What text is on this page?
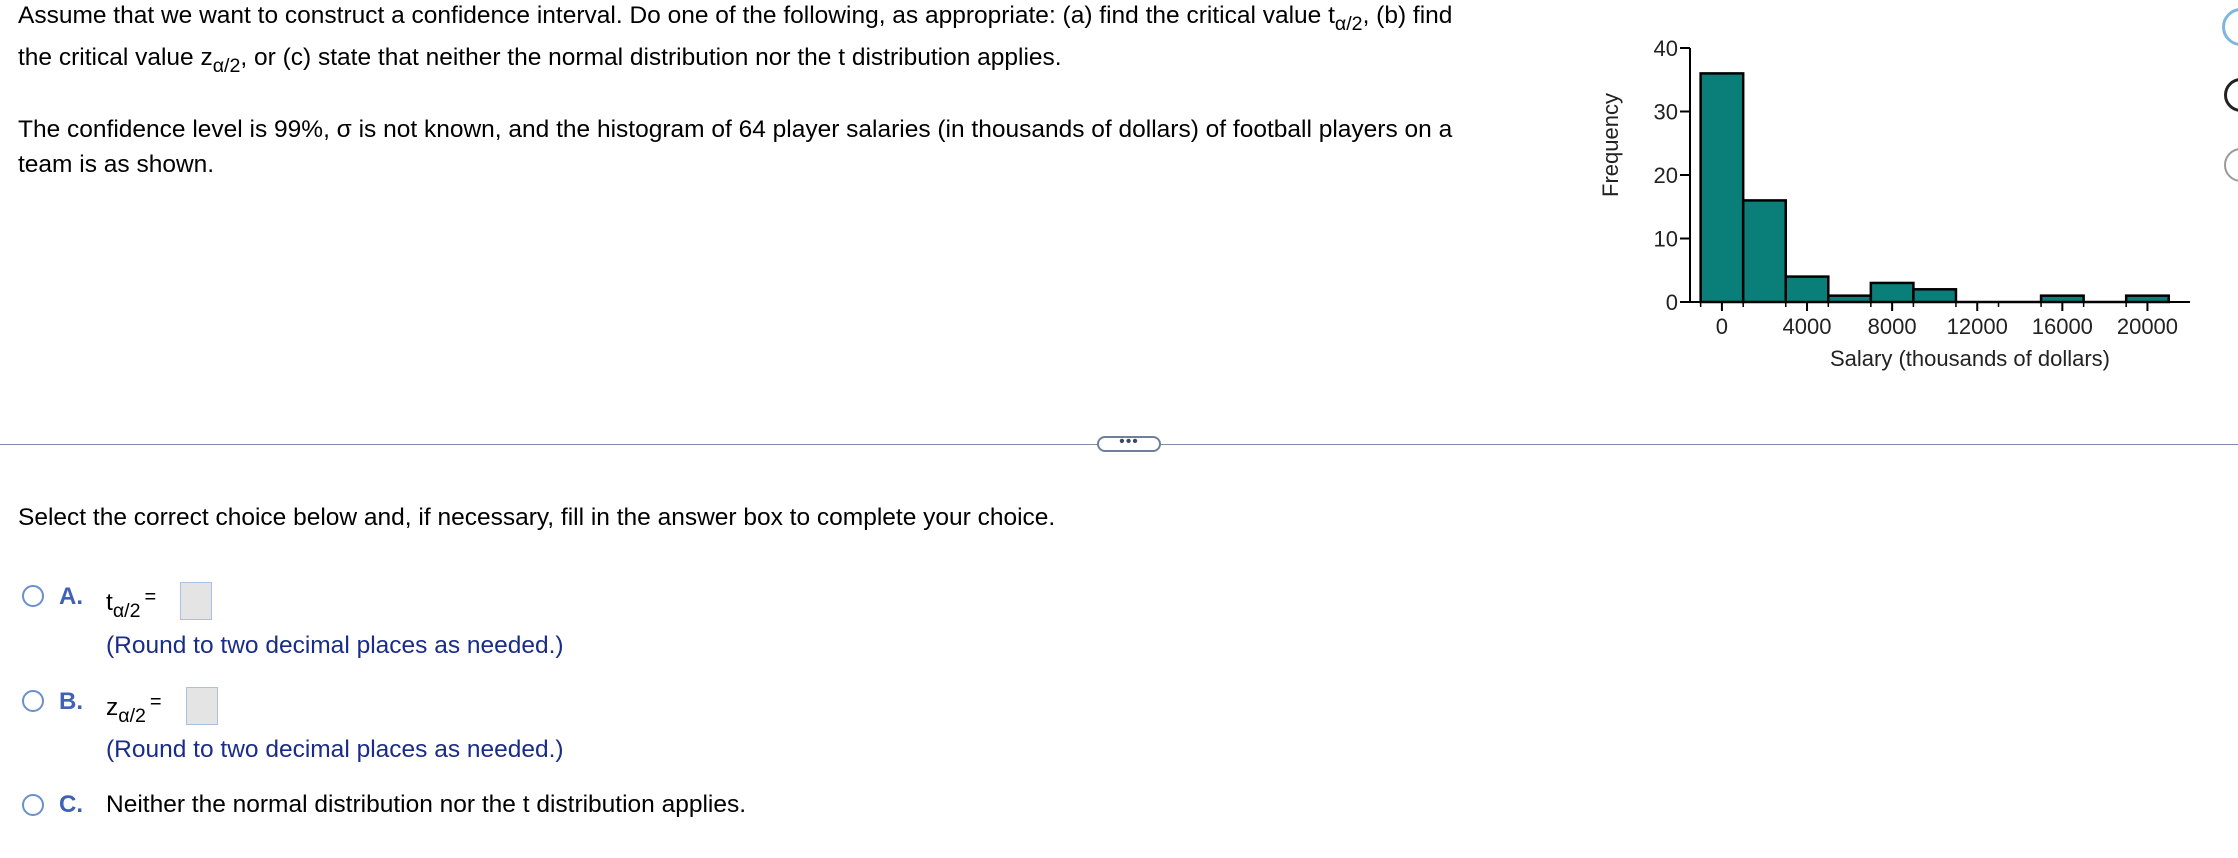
Assume that we want to construct a confidence interval. Do one of the following, as appropriate: (a) find the critical value $t_{\alpha/2}$, (b) find
the critical value $z_{\alpha/2}$, or (c) state that neither the normal distribution nor the t distribution applies.
The confidence level is 99%, σ is not known, and the histogram of 64 player salaries (in thousands of dollars) of football players on a
team is as shown.
0
10
20
30
40
0 4000 8000 12000 16000 20000
Salary (thousands of dollars)
Frequency
•••
Select the correct choice below and, if necessary, fill in the answer box to complete your choice.
A. $t_{\alpha/2}^=$
(Round to two decimal places as needed.)
B. $z_{\alpha/2}^=$
(Round to two decimal places as needed.)
C. Neither the normal distribution nor the t distribution applies.
